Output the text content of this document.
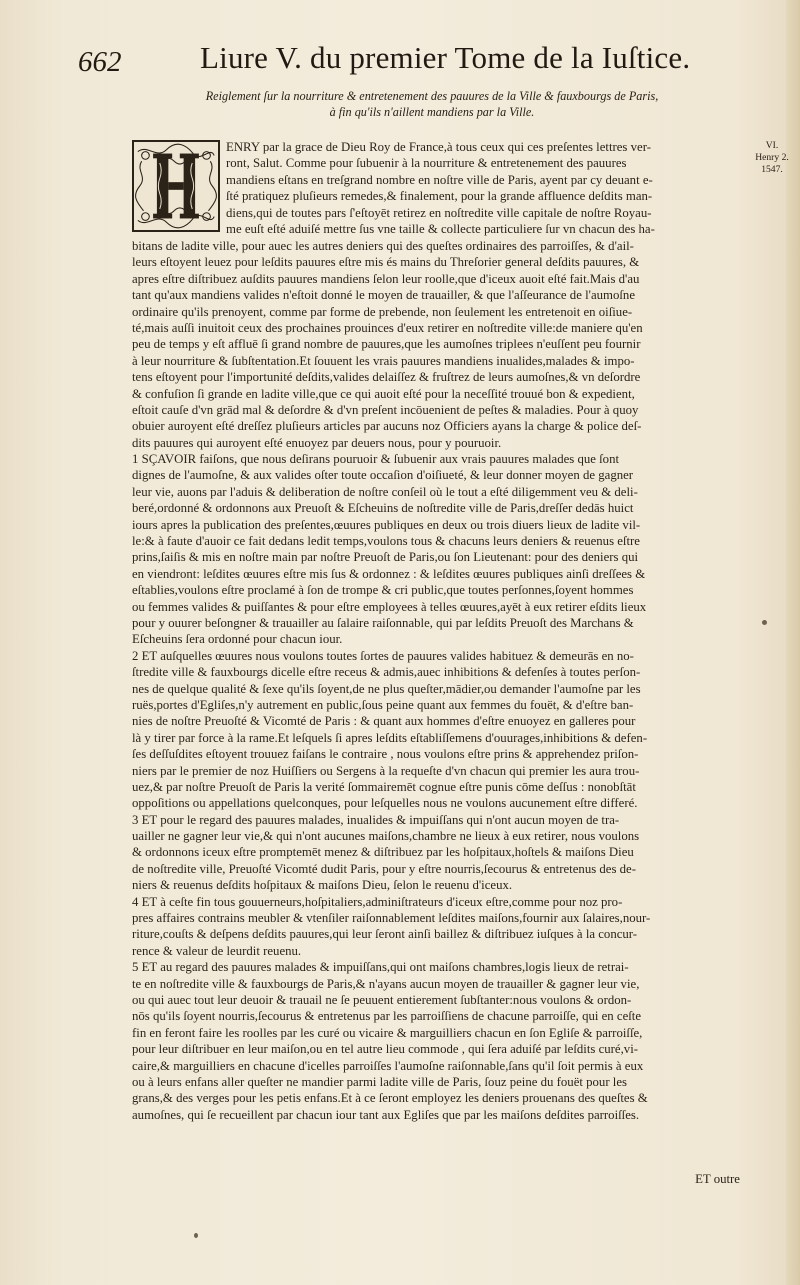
662	Liure V. du premier Tome de la Iuſtice.
Reiglement ſur la nourriture & entretenement des pauures de la Ville & fauxbourgs de Paris,
à fin qu'ils n'aillent mandiens par la Ville.
VI.
Henry 2.
1547.
ENRY par la grace de Dieu Roy de France,à tous ceux qui ces preſentes lettres ver-
ront, Salut. Comme pour ſubuenir à la nourriture & entretenement des pauures
mandiens eſtans en treſgrand nombre en noſtre ville de Paris, ayent par cy deuant e-
ſté pratiquez pluſieurs remedes,& finalement, pour la grande affluence deſdits man-
diens,qui de toutes pars ſ'eſtoyēt retirez en noſtredite ville capitale de noſtre Royau-
me euſt eſté aduiſé mettre ſus vne taille & collecte particuliere ſur vn chacun des ha-
bitans de ladite ville, pour auec les autres deniers qui des queſtes ordinaires des parroiſſes, & d'ail-
leurs eſtoyent leuez pour leſdits pauures eſtre mis és mains du Threſorier general deſdits pauures, &
apres eſtre diſtribuez auſdits pauures mandiens ſelon leur roolle,que d'iceux auoit eſté fait.Mais d'au
tant qu'aux mandiens valides n'eſtoit donné le moyen de trauailler, & que l'aſſeurance de l'aumoſne
ordinaire qu'ils prenoyent, comme par forme de prebende, non ſeulement les entretenoit en oiſiue-
té,mais auſſi inuitoit ceux des prochaines prouinces d'eux retirer en noſtredite ville:de maniere qu'en
peu de temps y eſt affluē ſi grand nombre de pauures,que les aumoſnes triplees n'euſſent peu fournir
à leur nourriture & ſubſtentation.Et ſouuent les vrais pauures mandiens inualides,malades & impo-
tens eſtoyent pour l'importunité deſdits,valides delaiſſez & fruſtrez de leurs aumoſnes,& vn deſordre
& confuſion ſi grande en ladite ville,que ce qui auoit eſté pour la neceſſité trouué bon & expedient,
eſtoit cauſe d'vn grād mal & deſordre & d'vn preſent incōuenient de peſtes & maladies. Pour à quoy
obuier auroyent eſté dreſſez pluſieurs articles par aucuns noz Officiers ayans la charge & police deſ-
dits pauures qui auroyent eſté enuoyez par deuers nous, pour y pouruoir.
1 SÇAVOIR faiſons, que nous deſirans pouruoir & ſubuenir aux vrais pauures malades que ſont
dignes de l'aumoſne, & aux valides oſter toute occaſion d'oiſiueté, & leur donner moyen de gagner
leur vie, auons par l'aduis & deliberation de noſtre conſeil où le tout a eſté diligemment veu & deli-
beré,ordonné & ordonnons aux Preuoſt & Eſcheuins de noſtredite ville de Paris,dreſſer dedās huict
iours apres la publication des preſentes,œuures publiques en deux ou trois diuers lieux de ladite vil-
le:& à faute d'auoir ce fait dedans ledit temps,voulons tous & chacuns leurs deniers & reuenus eſtre
prins,ſaiſis & mis en noſtre main par noſtre Preuoſt de Paris,ou ſon Lieutenant: pour des deniers qui
en viendront: leſdites œuures eſtre mis ſus & ordonnez : & leſdites œuures publiques ainſi dreſſees &
eſtablies,voulons eſtre proclamé à ſon de trompe & cri public,que toutes perſonnes,ſoyent hommes
ou femmes valides & puiſſantes & pour eſtre employees à telles œuures,ayēt à eux retirer eſdits lieux
pour y ouurer beſongner & trauailler au ſalaire raiſonnable, qui par leſdits Preuoſt des Marchans &
Eſcheuins ſera ordonné pour chacun iour.
2 ET auſquelles œuures nous voulons toutes ſortes de pauures valides habituez & demeurās en no-
ſtredite ville & fauxbourgs dicelle eſtre receus & admis,auec inhibitions & defenſes à toutes perſon-
nes de quelque qualité & ſexe qu'ils ſoyent,de ne plus queſter,mādier,ou demander l'aumoſne par les
ruës,portes d'Egliſes,n'y autrement en public,ſous peine quant aux femmes du fouët, & d'eſtre ban-
nies de noſtre Preuoſté & Vicomté de Paris : & quant aux hommes d'eſtre enuoyez en galleres pour
là y tirer par force à la rame.Et leſquels ſi apres leſdits eſtabliſſemens d'ouurages,inhibitions & defen-
ſes deſſuſdites eſtoyent trouuez faiſans le contraire , nous voulons eſtre prins & apprehendez priſon-
niers par le premier de noz Huiſſiers ou Sergens à la requeſte d'vn chacun qui premier les aura trou-
uez,& par noſtre Preuoſt de Paris la verité ſommairemēt cognue eſtre punis cōme deſſus : nonobſtāt
oppoſitions ou appellations quelconques, pour leſquelles nous ne voulons aucunement eſtre differé.
3 ET pour le regard des pauures malades, inualides & impuiſſans qui n'ont aucun moyen de tra-
uailler ne gagner leur vie,& qui n'ont aucunes maiſons,chambre ne lieux à eux retirer, nous voulons
& ordonnons iceux eſtre promptemēt menez & diſtribuez par les hoſpitaux,hoſtels & maiſons Dieu
de noſtredite ville, Preuoſté Vicomté dudit Paris, pour y eſtre nourris,ſecourus & entretenus des de-
niers & reuenus deſdits hoſpitaux & maiſons Dieu, ſelon le reuenu d'iceux.
4 ET à ceſte fin tous gouuerneurs,hoſpitaliers,adminiſtrateurs d'iceux eſtre,comme pour noz pro-
pres affaires contrains meubler & vtenſiler raiſonnablement leſdites maiſons,fournir aux ſalaires,nour-
riture,couſts & deſpens deſdits pauures,qui leur ſeront ainſi baillez & diſtribuez iuſques à la concur-
rence & valeur de leurdit reuenu.
5 ET au regard des pauures malades & impuiſſans,qui ont maiſons chambres,logis lieux de retrai-
te en noſtredite ville & fauxbourgs de Paris,& n'ayans aucun moyen de trauailler & gagner leur vie,
ou qui auec tout leur deuoir & trauail ne ſe peuuent entierement ſubſtanter:nous voulons & ordon-
nōs qu'ils ſoyent nourris,ſecourus & entretenus par les parroiſſiens de chacune parroiſſe, qui en ceſte
fin en feront faire les roolles par les curé ou vicaire & marguilliers chacun en ſon Egliſe & parroiſſe,
pour leur diſtribuer en leur maiſon,ou en tel autre lieu commode , qui ſera aduiſé par leſdits curé,vi-
caire,& marguilliers en chacune d'icelles parroiſſes l'aumoſne raiſonnable,ſans qu'il ſoit permis à eux
ou à leurs enfans aller queſter ne mandier parmi ladite ville de Paris, ſouz peine du fouët pour les
grans,& des verges pour les petis enfans.Et à ce ſeront employez les deniers prouenans des queſtes &
aumoſnes, qui ſe recueillent par chacun iour tant aux Egliſes que par les maiſons deſdites parroiſſes.
ET outre
